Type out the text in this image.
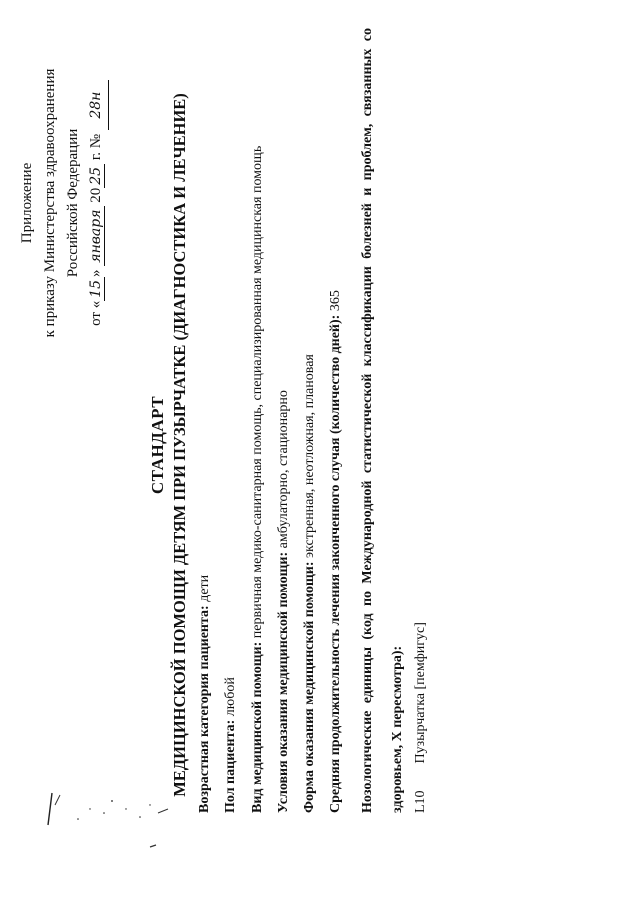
Приложение к приказу Министерства здравоохранения Российской Федерации
от «15» января 2025 г. № 28н
СТАНДАРТ МЕДИЦИНСКОЙ ПОМОЩИ ДЕТЯМ ПРИ ПУЗЫРЧАТКЕ (ДИАГНОСТИКА И ЛЕЧЕНИЕ) Возрастная категория пациента: дети
Пол пациента: любой Вид медицинской помощи: первичная медико-санитарная помощь, специализированная медицинская помощь
Условия оказания медицинской помощи: амбулаторно, стационарно
Форма оказания медицинской помощи: экстренная, неотложная, плановая Средняя продолжительность лечения законченного случая (количество дней): 365	Нозологические единицы (код по Международной статистической классификации болезней и проблем, связанных со здоровьем, X пересмотра): L10 Пузырчатка [пемфигус]
